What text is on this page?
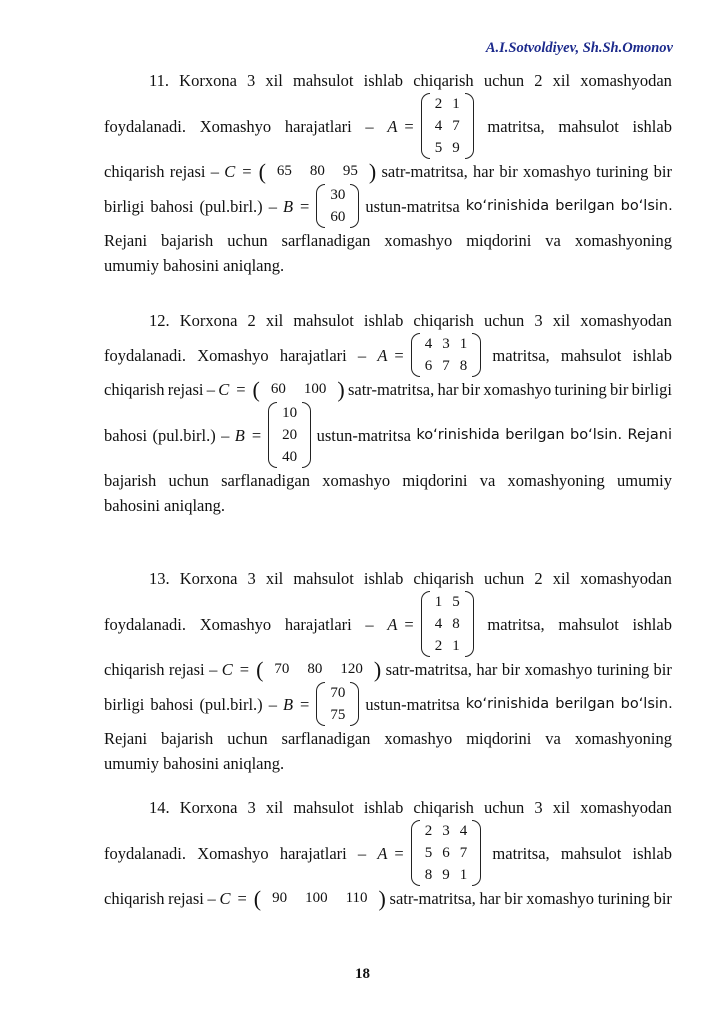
A.I.Sotvoldiyev, Sh.Sh.Omonov
18
11. Korxona 3 xil mahsulot ishlab chiqarish uchun 2 xil xomashyodan
foydalanadi. Xomashyo harajatlari – A =
2	1
4	7
5	9
matritsa, mahsulot ishlab
chiqarish rejasi – C = ( 65	80	95 ) satr-matritsa, har bir xomashyo turining bir
birligi bahosi (pul.birl.) – B =
30
60
ustun-matritsa ko‘rinishida berilgan bo‘lsin.
Rejani bajarish uchun sarflanadigan xomashyo miqdorini va xomashyoning
umumiy bahosini aniqlang.
12. Korxona 2 xil mahsulot ishlab chiqarish uchun 3 xil xomashyodan
foydalanadi. Xomashyo harajatlari – A =
4	3	1
6	7	8
matritsa, mahsulot ishlab
chiqarish rejasi – C = ( 60	100 ) satr-matritsa, har bir xomashyo turining bir birligi
bahosi (pul.birl.) – B =
10
20
40
ustun-matritsa ko‘rinishida berilgan bo‘lsin. Rejani
bajarish uchun sarflanadigan xomashyo miqdorini va xomashyoning umumiy
bahosini aniqlang.
13. Korxona 3 xil mahsulot ishlab chiqarish uchun 2 xil xomashyodan
foydalanadi. Xomashyo harajatlari – A =
1	5
4	8
2	1
matritsa, mahsulot ishlab
chiqarish rejasi – C = ( 70	80	120 ) satr-matritsa, har bir xomashyo turining bir
birligi bahosi (pul.birl.) – B =
70
75
ustun-matritsa ko‘rinishida berilgan bo‘lsin.
Rejani bajarish uchun sarflanadigan xomashyo miqdorini va xomashyoning
umumiy bahosini aniqlang.
14. Korxona 3 xil mahsulot ishlab chiqarish uchun 3 xil xomashyodan
foydalanadi. Xomashyo harajatlari – A =
2	3	4
5	6	7
8	9	1
matritsa, mahsulot ishlab
chiqarish rejasi – C = ( 90	100	110 ) satr-matritsa, har bir xomashyo turining bir
